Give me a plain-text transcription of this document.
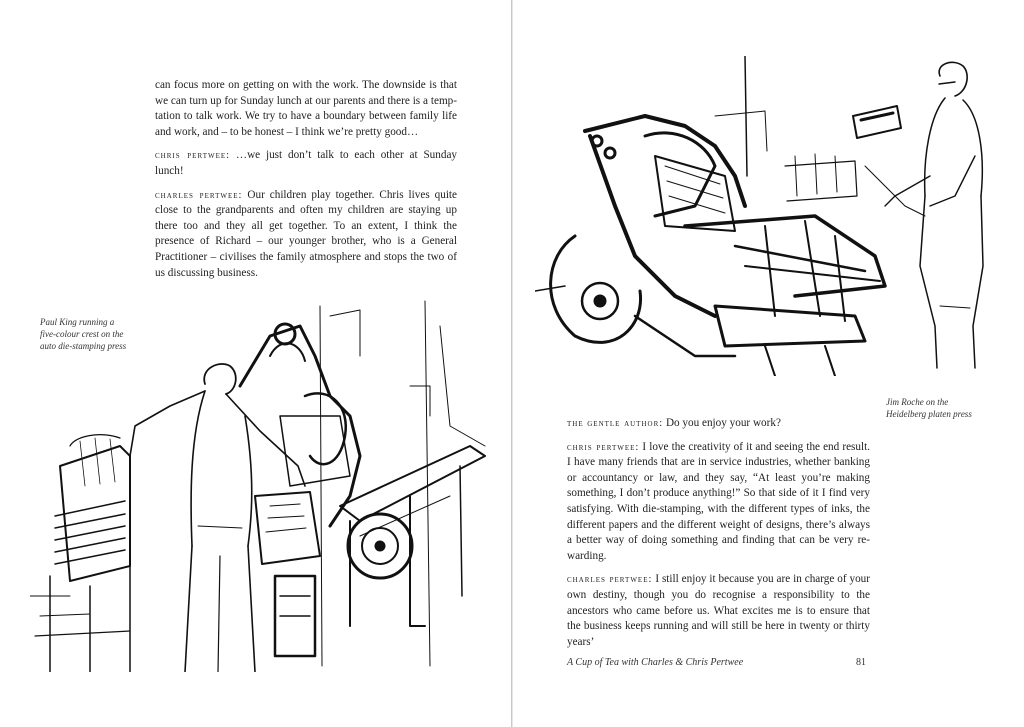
can focus more on getting on with the work. The downside is that we can turn up for Sunday lunch at our parents and there is a temp-tation to talk work. We try to have a boundary between family life and work, and – to be honest – I think we’re pretty good…

chris pertwee: …we just don’t talk to each other at Sunday lunch!

charles pertwee: Our children play together. Chris lives quite close to the grandparents and often my children are staying up there too and they all get together. To an extent, I think the presence of Richard – our younger brother, who is a General Practitioner – civilises the family atmosphere and stops the two of us discussing business.

Paul King running a
five-colour crest on the
auto die-stamping press
Jim Roche on the
Heidelberg platen press

the gentle author: Do you enjoy your work?

chris pertwee: I love the creativity of it and seeing the end result. I have many friends that are in service industries, whether banking or accountancy or law, and they say, “At least you’re making something, I don’t produce anything!” So that side of it I find very satisfying. With die-stamping, with the different types of inks, the different papers and the different weight of designs, there’s always a better way of doing something and finding that can be very re-warding.

charles pertwee: I still enjoy it because you are in charge of your own destiny, though you do recognise a responsibility to the ancestors who came before us. What excites me is to ensure that the business keeps running and will still be here in twenty or thirty years’

A Cup of Tea with Charles & Chris Pertwee	81
